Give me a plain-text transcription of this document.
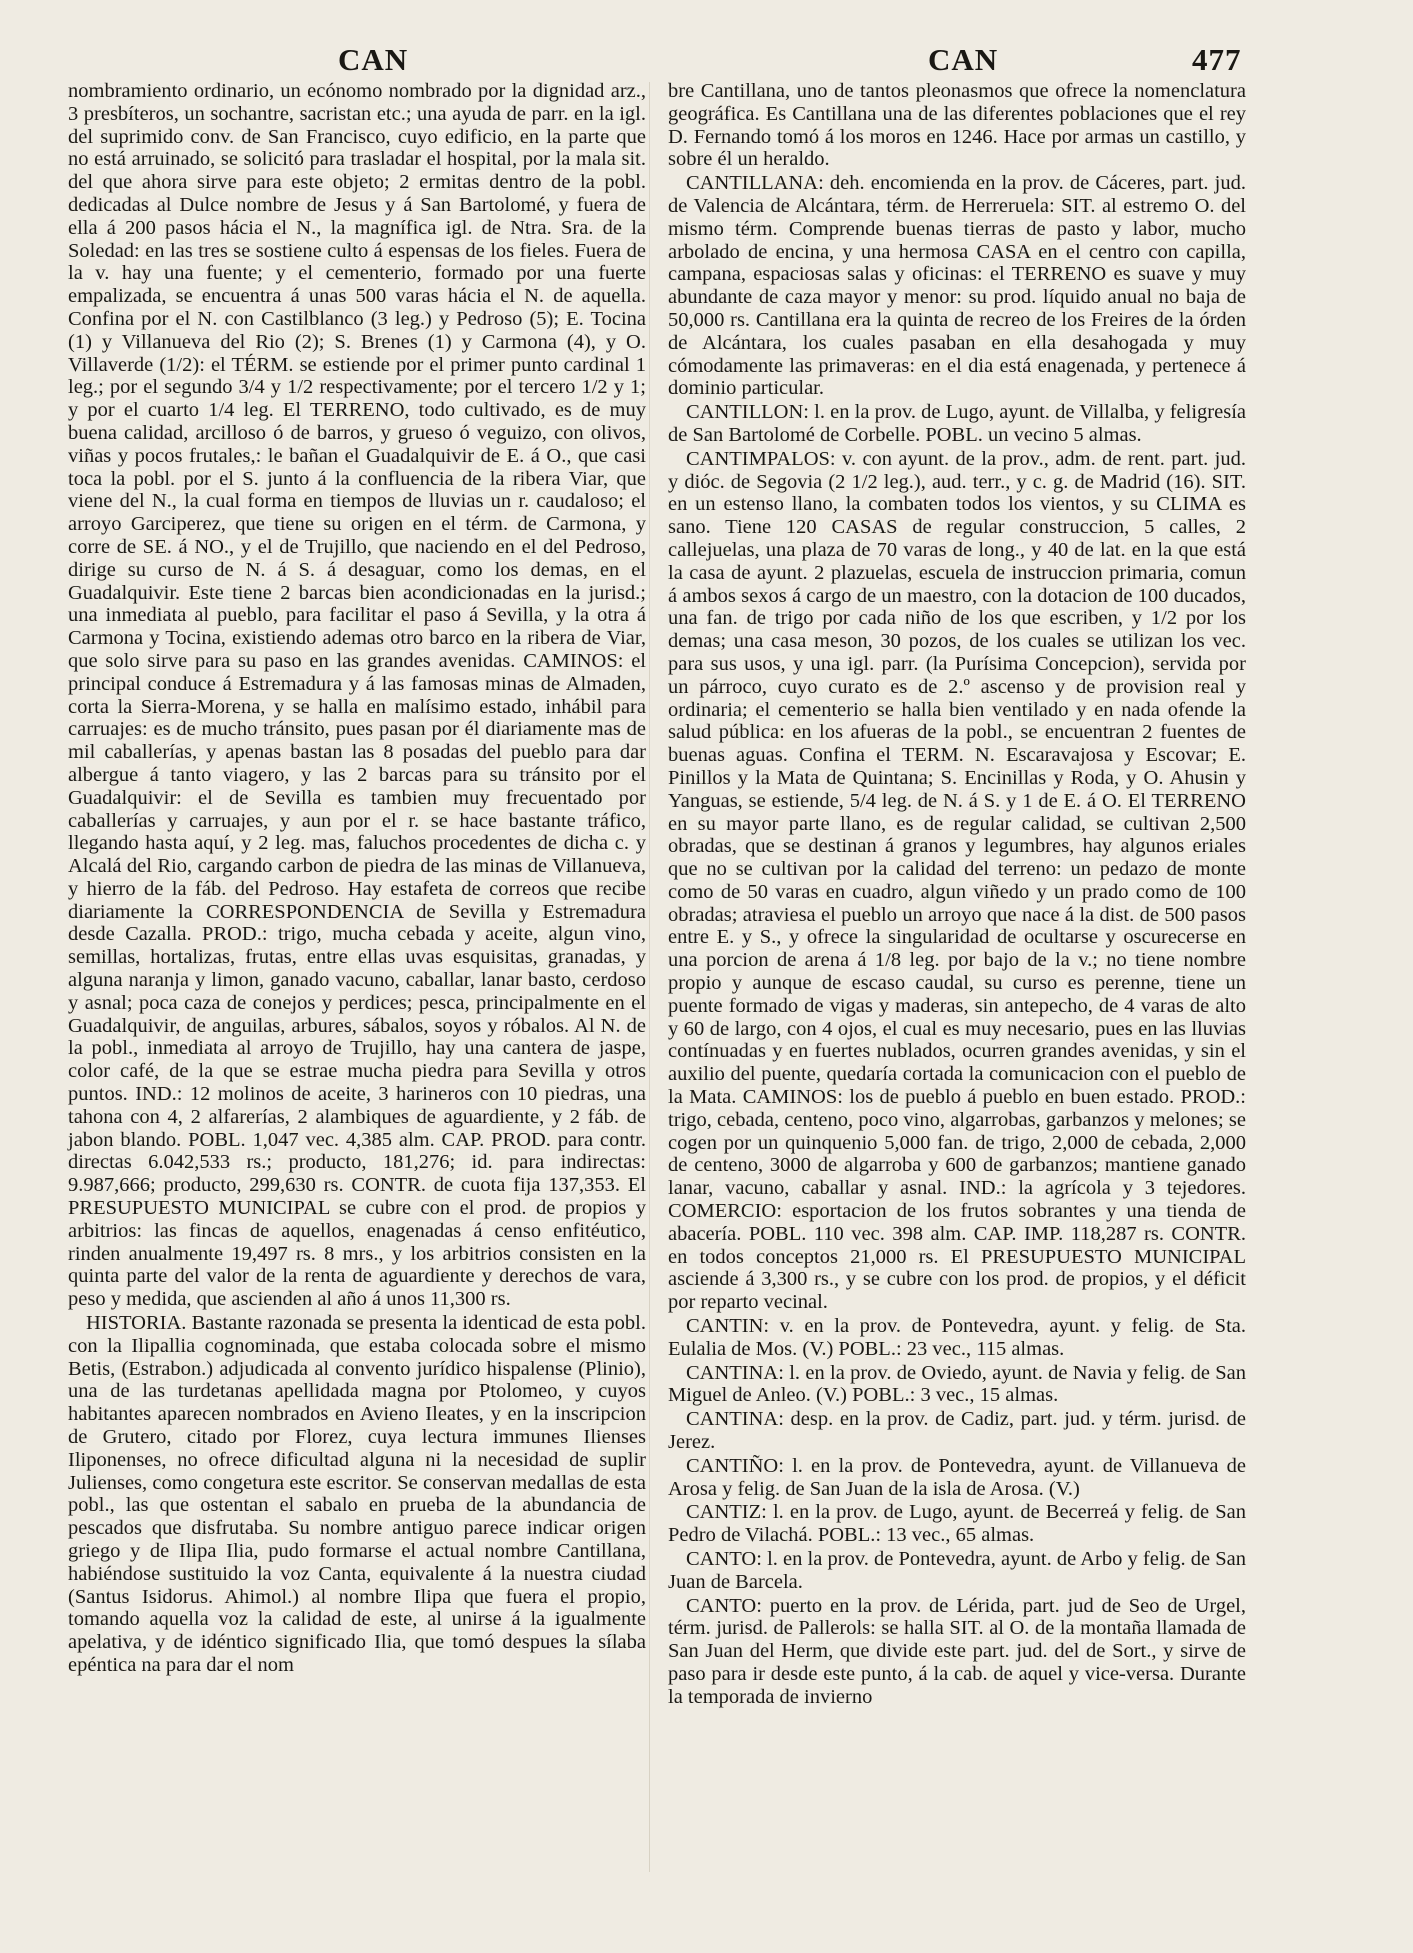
CAN	CAN	477

nombramiento ordinario, un ecónomo nombrado por la dignidad arz., 3 presbíteros, un sochantre, sacristan etc.; una ayuda de parr. en la igl. del suprimido conv. de San Francisco, cuyo edificio, en la parte que no está arruinado, se solicitó para trasladar el hospital, por la mala sit. del que ahora sirve para este objeto; 2 ermitas dentro de la pobl. dedicadas al Dulce nombre de Jesus y á San Bartolomé, y fuera de ella á 200 pasos hácia el N., la magnífica igl. de Ntra. Sra. de la Soledad: en las tres se sostiene culto á espensas de los fieles. Fuera de la v. hay una fuente; y el cementerio, formado por una fuerte empalizada, se encuentra á unas 500 varas hácia el N. de aquella. Confina por el N. con Castilblanco (3 leg.) y Pedroso (5); E. Tocina (1) y Villanueva del Rio (2); S. Brenes (1) y Carmona (4), y O. Villaverde (1/2): el TÉRM. se estiende por el primer punto cardinal 1 leg.; por el segundo 3/4 y 1/2 respectivamente; por el tercero 1/2 y 1; y por el cuarto 1/4 leg. El TERRENO, todo cultivado, es de muy buena calidad, arcilloso ó de barros, y grueso ó veguizo, con olivos, viñas y pocos frutales,: le bañan el Guadalquivir de E. á O., que casi toca la pobl. por el S. junto á la confluencia de la ribera Viar, que viene del N., la cual forma en tiempos de lluvias un r. caudaloso; el arroyo Garciperez, que tiene su origen en el térm. de Carmona, y corre de SE. á NO., y el de Trujillo, que naciendo en el del Pedroso, dirige su curso de N. á S. á desaguar, como los demas, en el Guadalquivir. Este tiene 2 barcas bien acondicionadas en la jurisd.; una inmediata al pueblo, para facilitar el paso á Sevilla, y la otra á Carmona y Tocina, existiendo ademas otro barco en la ribera de Viar, que solo sirve para su paso en las grandes avenidas. CAMINOS: el principal conduce á Estremadura y á las famosas minas de Almaden, corta la Sierra-Morena, y se halla en malísimo estado, inhábil para carruajes: es de mucho tránsito, pues pasan por él diariamente mas de mil caballerías, y apenas bastan las 8 posadas del pueblo para dar albergue á tanto viagero, y las 2 barcas para su tránsito por el Guadalquivir: el de Sevilla es tambien muy frecuentado por caballerías y carruajes, y aun por el r. se hace bastante tráfico, llegando hasta aquí, y 2 leg. mas, faluchos procedentes de dicha c. y Alcalá del Rio, cargando carbon de piedra de las minas de Villanueva, y hierro de la fáb. del Pedroso. Hay estafeta de correos que recibe diariamente la CORRESPONDENCIA de Sevilla y Estremadura desde Cazalla. PROD.: trigo, mucha cebada y aceite, algun vino, semillas, hortalizas, frutas, entre ellas uvas esquisitas, granadas, y alguna naranja y limon, ganado vacuno, caballar, lanar basto, cerdoso y asnal; poca caza de conejos y perdices; pesca, principalmente en el Guadalquivir, de anguilas, arbures, sábalos, soyos y róbalos. Al N. de la pobl., inmediata al arroyo de Trujillo, hay una cantera de jaspe, color café, de la que se estrae mucha piedra para Sevilla y otros puntos. IND.: 12 molinos de aceite, 3 harineros con 10 piedras, una tahona con 4, 2 alfarerías, 2 alambiques de aguardiente, y 2 fáb. de jabon blando. POBL. 1,047 vec. 4,385 alm. CAP. PROD. para contr. directas 6.042,533 rs.; producto, 181,276; id. para indirectas: 9.987,666; producto, 299,630 rs. CONTR. de cuota fija 137,353. El PRESUPUESTO MUNICIPAL se cubre con el prod. de propios y arbitrios: las fincas de aquellos, enagenadas á censo enfitéutico, rinden anualmente 19,497 rs. 8 mrs., y los arbitrios consisten en la quinta parte del valor de la renta de aguardiente y derechos de vara, peso y medida, que ascienden al año á unos 11,300 rs.

HISTORIA. Bastante razonada se presenta la identicad de esta pobl. con la Ilipallia cognominada, que estaba colocada sobre el mismo Betis, (Estrabon.) adjudicada al convento jurídico hispalense (Plinio), una de las turdetanas apellidada magna por Ptolomeo, y cuyos habitantes aparecen nombrados en Avieno Ileates, y en la inscripcion de Grutero, citado por Florez, cuya lectura immunes Ilienses Iliponenses, no ofrece dificultad alguna ni la necesidad de suplir Julienses, como congetura este escritor. Se conservan medallas de esta pobl., las que ostentan el sabalo en prueba de la abundancia de pescados que disfrutaba. Su nombre antiguo parece indicar origen griego y de Ilipa Ilia, pudo formarse el actual nombre Cantillana, habiéndose sustituido la voz Canta, equivalente á la nuestra ciudad (Santus Isidorus. Ahimol.) al nombre Ilipa que fuera el propio, tomando aquella voz la calidad de este, al unirse á la igualmente apelativa, y de idéntico significado Ilia, que tomó despues la sílaba epéntica na para dar el nom

bre Cantillana, uno de tantos pleonasmos que ofrece la nomenclatura geográfica. Es Cantillana una de las diferentes poblaciones que el rey D. Fernando tomó á los moros en 1246. Hace por armas un castillo, y sobre él un heraldo.

CANTILLANA: deh. encomienda en la prov. de Cáceres, part. jud. de Valencia de Alcántara, térm. de Herreruela: SIT. al estremo O. del mismo térm. Comprende buenas tierras de pasto y labor, mucho arbolado de encina, y una hermosa CASA en el centro con capilla, campana, espaciosas salas y oficinas: el TERRENO es suave y muy abundante de caza mayor y menor: su prod. líquido anual no baja de 50,000 rs. Cantillana era la quinta de recreo de los Freires de la órden de Alcántara, los cuales pasaban en ella desahogada y muy cómodamente las primaveras: en el dia está enagenada, y pertenece á dominio particular.

CANTILLON: l. en la prov. de Lugo, ayunt. de Villalba, y feligresía de San Bartolomé de Corbelle. POBL. un vecino 5 almas.

CANTIMPALOS: v. con ayunt. de la prov., adm. de rent. part. jud. y dióc. de Segovia (2 1/2 leg.), aud. terr., y c. g. de Madrid (16). SIT. en un estenso llano, la combaten todos los vientos, y su CLIMA es sano. Tiene 120 CASAS de regular construccion, 5 calles, 2 callejuelas, una plaza de 70 varas de long., y 40 de lat. en la que está la casa de ayunt. 2 plazuelas, escuela de instruccion primaria, comun á ambos sexos á cargo de un maestro, con la dotacion de 100 ducados, una fan. de trigo por cada niño de los que escriben, y 1/2 por los demas; una casa meson, 30 pozos, de los cuales se utilizan los vec. para sus usos, y una igl. parr. (la Purísima Concepcion), servida por un párroco, cuyo curato es de 2.º ascenso y de provision real y ordinaria; el cementerio se halla bien ventilado y en nada ofende la salud pública: en los afueras de la pobl., se encuentran 2 fuentes de buenas aguas. Confina el TERM. N. Escaravajosa y Escovar; E. Pinillos y la Mata de Quintana; S. Encinillas y Roda, y O. Ahusin y Yanguas, se estiende, 5/4 leg. de N. á S. y 1 de E. á O. El TERRENO en su mayor parte llano, es de regular calidad, se cultivan 2,500 obradas, que se destinan á granos y legumbres, hay algunos eriales que no se cultivan por la calidad del terreno: un pedazo de monte como de 50 varas en cuadro, algun viñedo y un prado como de 100 obradas; atraviesa el pueblo un arroyo que nace á la dist. de 500 pasos entre E. y S., y ofrece la singularidad de ocultarse y oscurecerse en una porcion de arena á 1/8 leg. por bajo de la v.; no tiene nombre propio y aunque de escaso caudal, su curso es perenne, tiene un puente formado de vigas y maderas, sin antepecho, de 4 varas de alto y 60 de largo, con 4 ojos, el cual es muy necesario, pues en las lluvias contínuadas y en fuertes nublados, ocurren grandes avenidas, y sin el auxilio del puente, quedaría cortada la comunicacion con el pueblo de la Mata. CAMINOS: los de pueblo á pueblo en buen estado. PROD.: trigo, cebada, centeno, poco vino, algarrobas, garbanzos y melones; se cogen por un quinquenio 5,000 fan. de trigo, 2,000 de cebada, 2,000 de centeno, 3000 de algarroba y 600 de garbanzos; mantiene ganado lanar, vacuno, caballar y asnal. IND.: la agrícola y 3 tejedores. COMERCIO: esportacion de los frutos sobrantes y una tienda de abacería. POBL. 110 vec. 398 alm. CAP. IMP. 118,287 rs. CONTR. en todos conceptos 21,000 rs. El PRESUPUESTO MUNICIPAL asciende á 3,300 rs., y se cubre con los prod. de propios, y el déficit por reparto vecinal.

CANTIN: v. en la prov. de Pontevedra, ayunt. y felig. de Sta. Eulalia de Mos. (V.) POBL.: 23 vec., 115 almas.

CANTINA: l. en la prov. de Oviedo, ayunt. de Navia y felig. de San Miguel de Anleo. (V.) POBL.: 3 vec., 15 almas.

CANTINA: desp. en la prov. de Cadiz, part. jud. y térm. jurisd. de Jerez.

CANTIÑO: l. en la prov. de Pontevedra, ayunt. de Villanueva de Arosa y felig. de San Juan de la isla de Arosa. (V.)

CANTIZ: l. en la prov. de Lugo, ayunt. de Becerreá y felig. de San Pedro de Vilachá. POBL.: 13 vec., 65 almas.

CANTO: l. en la prov. de Pontevedra, ayunt. de Arbo y felig. de San Juan de Barcela.

CANTO: puerto en la prov. de Lérida, part. jud de Seo de Urgel, térm. jurisd. de Pallerols: se halla SIT. al O. de la montaña llamada de San Juan del Herm, que divide este part. jud. del de Sort., y sirve de paso para ir desde este punto, á la cab. de aquel y vice-versa. Durante la temporada de invierno
